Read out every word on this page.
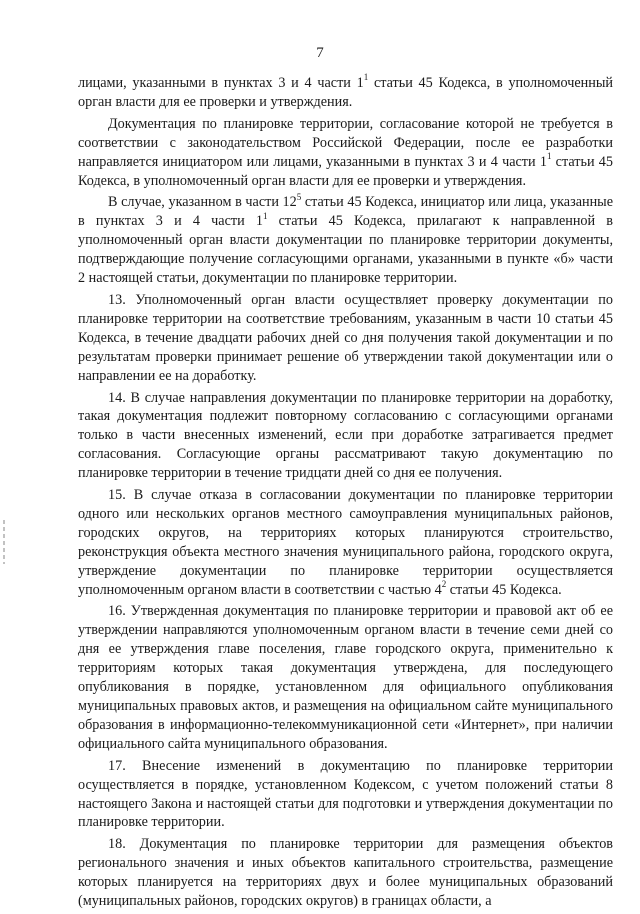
7

лицами, указанными в пунктах 3 и 4 части $1^1$ статьи 45 Кодекса, в уполномоченный орган власти для ее проверки и утверждения.

Документация по планировке территории, согласование которой не требуется в соответствии с законодательством Российской Федерации, после ее разработки направляется инициатором или лицами, указанными в пунктах 3 и 4 части $1^1$ статьи 45 Кодекса, в уполномоченный орган власти для ее проверки и утверждения.

В случае, указанном в части $12^5$ статьи 45 Кодекса, инициатор или лица, указанные в пунктах 3 и 4 части $1^1$ статьи 45 Кодекса, прилагают к направленной в уполномоченный орган власти документации по планировке территории документы, подтверждающие получение согласующими органами, указанными в пункте «б» части 2 настоящей статьи, документации по планировке территории.

13. Уполномоченный орган власти осуществляет проверку документации по планировке территории на соответствие требованиям, указанным в части 10 статьи 45 Кодекса, в течение двадцати рабочих дней со дня получения такой документации и по результатам проверки принимает решение об утверждении такой документации или о направлении ее на доработку.

14. В случае направления документации по планировке территории на доработку, такая документация подлежит повторному согласованию с согласующими органами только в части внесенных изменений, если при доработке затрагивается предмет согласования. Согласующие органы рассматривают такую документацию по планировке территории в течение тридцати дней со дня ее получения.

15. В случае отказа в согласовании документации по планировке территории одного или нескольких органов местного самоуправления муниципальных районов, городских округов, на территориях которых планируются строительство, реконструкция объекта местного значения муниципального района, городского округа, утверждение документации по планировке территории осуществляется уполномоченным органом власти в соответствии с частью $4^2$ статьи 45 Кодекса.

16. Утвержденная документация по планировке территории и правовой акт об ее утверждении направляются уполномоченным органом власти в течение семи дней со дня ее утверждения главе поселения, главе городского округа, применительно к территориям которых такая документация утверждена, для последующего опубликования в порядке, установленном для официального опубликования муниципальных правовых актов, и размещения на официальном сайте муниципального образования в информационно-телекоммуникационной сети «Интернет», при наличии официального сайта муниципального образования.

17. Внесение изменений в документацию по планировке территории осуществляется в порядке, установленном Кодексом, с учетом положений статьи 8 настоящего Закона и настоящей статьи для подготовки и утверждения документации по планировке территории.

18. Документация по планировке территории для размещения объектов регионального значения и иных объектов капитального строительства, размещение которых планируется на территориях двух и более муниципальных образований (муниципальных районов, городских округов) в границах области, а
